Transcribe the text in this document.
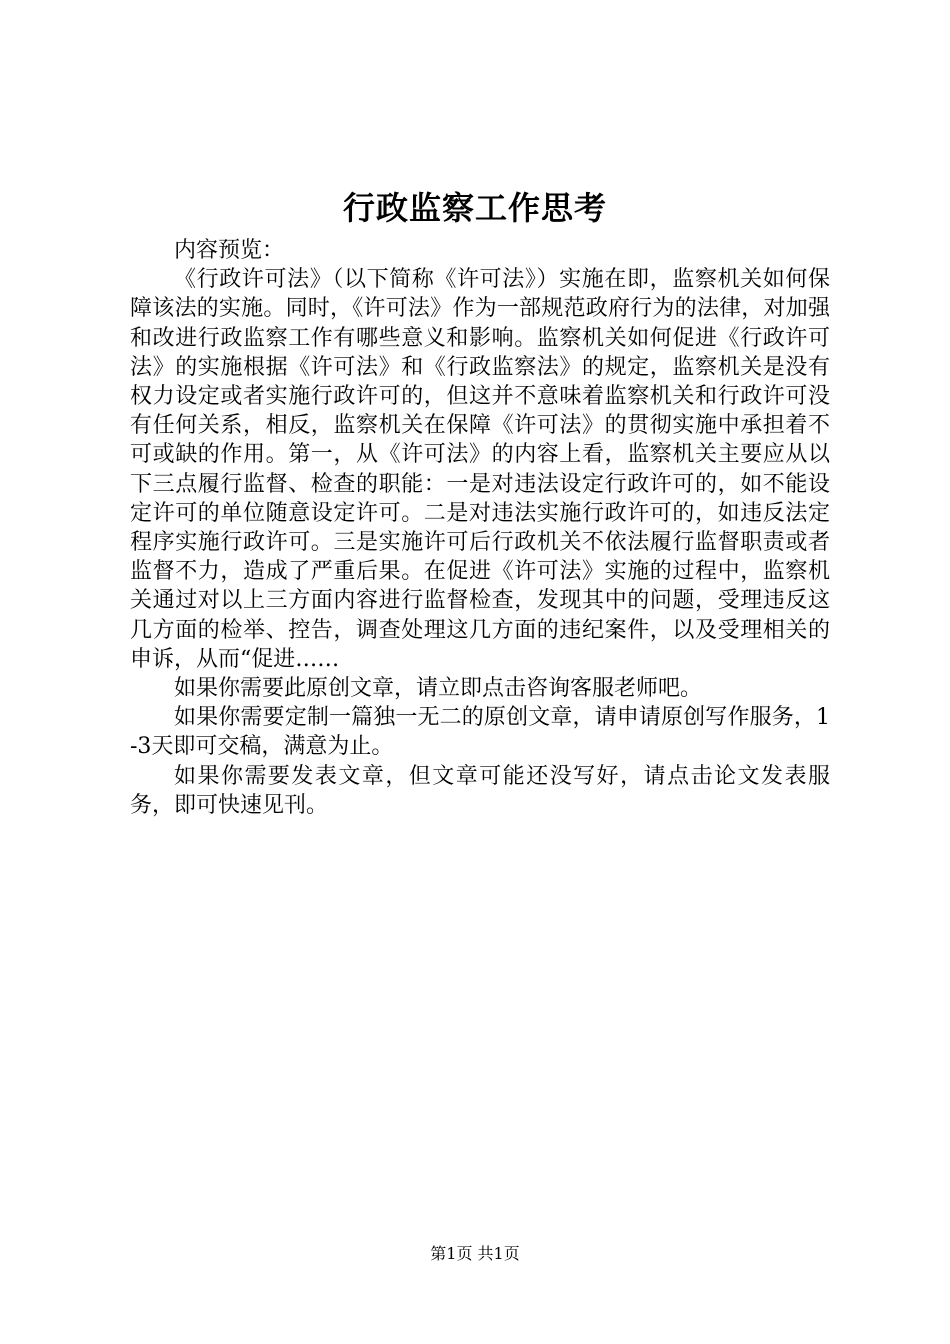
行政监察工作思考

内容预览：

《行政许可法》（以下简称《许可法》）实施在即，监察机关如何保障该法的实施。同时，《许可法》作为一部规范政府行为的法律，对加强和改进行政监察工作有哪些意义和影响。监察机关如何促进《行政许可法》的实施根据《许可法》和《行政监察法》的规定，监察机关是没有权力设定或者实施行政许可的，但这并不意味着监察机关和行政许可没有任何关系，相反，监察机关在保障《许可法》的贯彻实施中承担着不可或缺的作用。第一，从《许可法》的内容上看，监察机关主要应从以下三点履行监督、检查的职能：一是对违法设定行政许可的，如不能设定许可的单位随意设定许可。二是对违法实施行政许可的，如违反法定程序实施行政许可。三是实施许可后行政机关不依法履行监督职责或者监督不力，造成了严重后果。在促进《许可法》实施的过程中，监察机关通过对以上三方面内容进行监督检查，发现其中的问题，受理违反这几方面的检举、控告，调查处理这几方面的违纪案件，以及受理相关的申诉，从而“促进……

如果你需要此原创文章，请立即点击咨询客服老师吧。

如果你需要定制一篇独一无二的原创文章，请申请原创写作服务，1-3天即可交稿，满意为止。

如果你需要发表文章，但文章可能还没写好，请点击论文发表服务，即可快速见刊。

第1页 共1页
